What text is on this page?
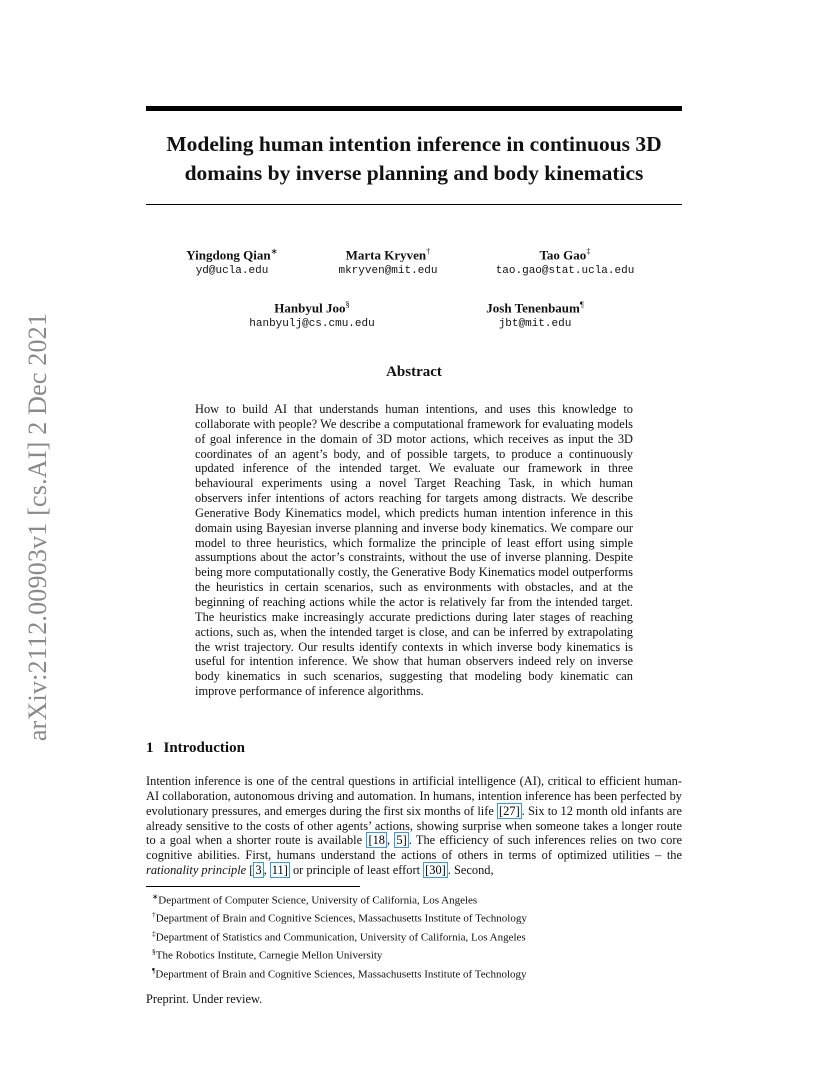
arXiv:2112.00903v1 [cs.AI] 2 Dec 2021
Modeling human intention inference in continuous 3D domains by inverse planning and body kinematics
Yingdong Qian∗
yd@ucla.edu
Marta Kryven†
mkryven@mit.edu
Tao Gao‡
tao.gao@stat.ucla.edu
Hanbyul Joo§
hanbyulj@cs.cmu.edu
Josh Tenenbaum¶
jbt@mit.edu
Abstract
How to build AI that understands human intentions, and uses this knowledge to collaborate with people? We describe a computational framework for evaluating models of goal inference in the domain of 3D motor actions, which receives as input the 3D coordinates of an agent’s body, and of possible targets, to produce a continuously updated inference of the intended target. We evaluate our framework in three behavioural experiments using a novel Target Reaching Task, in which human observers infer intentions of actors reaching for targets among distracts. We describe Generative Body Kinematics model, which predicts human intention inference in this domain using Bayesian inverse planning and inverse body kinematics. We compare our model to three heuristics, which formalize the principle of least effort using simple assumptions about the actor’s constraints, without the use of inverse planning. Despite being more computationally costly, the Generative Body Kinematics model outperforms the heuristics in certain scenarios, such as environments with obstacles, and at the beginning of reaching actions while the actor is relatively far from the intended target. The heuristics make increasingly accurate predictions during later stages of reaching actions, such as, when the intended target is close, and can be inferred by extrapolating the wrist trajectory. Our results identify contexts in which inverse body kinematics is useful for intention inference. We show that human observers indeed rely on inverse body kinematics in such scenarios, suggesting that modeling body kinematic can improve performance of inference algorithms.
1 Introduction
Intention inference is one of the central questions in artificial intelligence (AI), critical to efficient human-AI collaboration, autonomous driving and automation. In humans, intention inference has been perfected by evolutionary pressures, and emerges during the first six months of life [27] . Six to 12 month old infants are already sensitive to the costs of other agents’ actions, showing surprise when someone takes a longer route to a goal when a shorter route is available [18 , 5] . The efficiency of such inferences relies on two core cognitive abilities. First, humans understand the actions of others in terms of optimized utilities – the rationality principle [ 3 , 11] or principle of least effort [30] . Second,
∗Department of Computer Science, University of California, Los Angeles
†Department of Brain and Cognitive Sciences, Massachusetts Institute of Technology
‡Department of Statistics and Communication, University of California, Los Angeles
§The Robotics Institute, Carnegie Mellon University
¶Department of Brain and Cognitive Sciences, Massachusetts Institute of Technology
Preprint. Under review.
